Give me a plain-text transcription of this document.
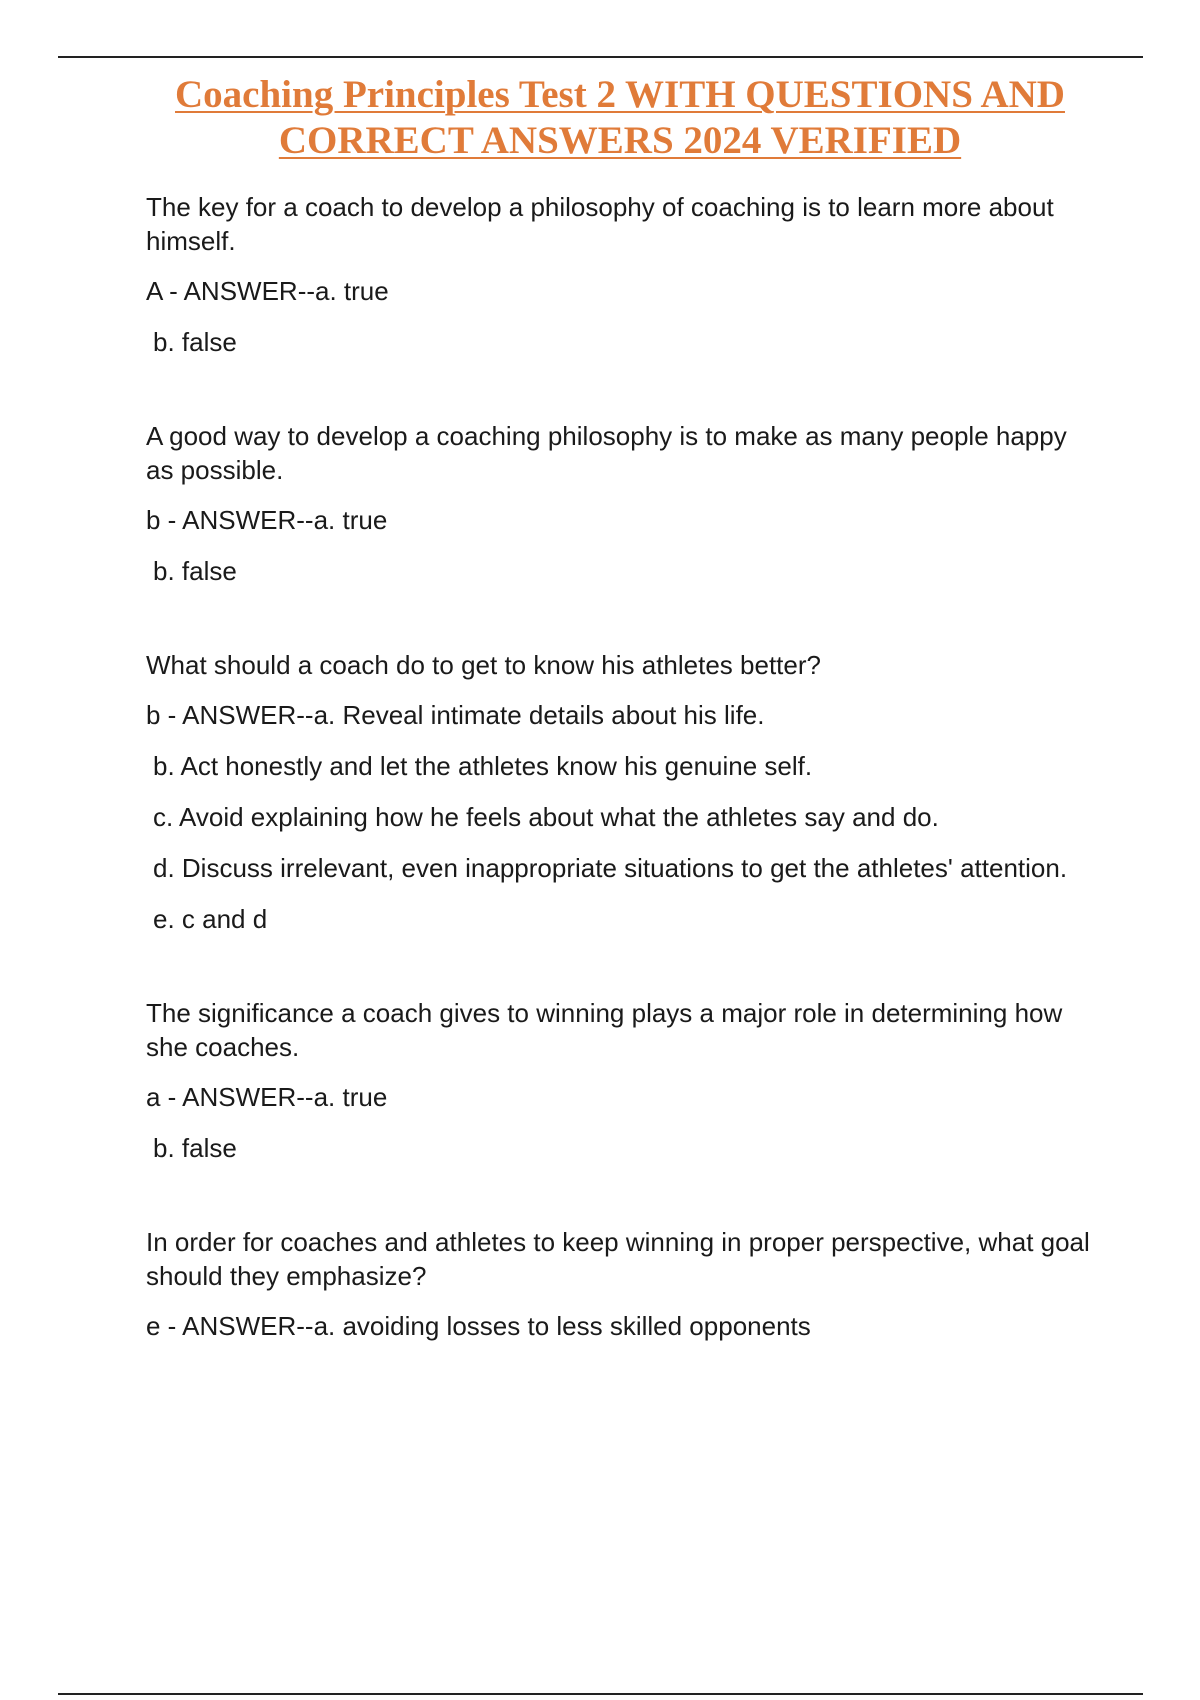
Coaching Principles Test 2 WITH QUESTIONS AND
CORRECT ANSWERS 2024 VERIFIED

The key for a coach to develop a philosophy of coaching is to learn more about himself.

A - ANSWER--a. true

b. false

A good way to develop a coaching philosophy is to make as many people happy as possible.

b - ANSWER--a. true

b. false

What should a coach do to get to know his athletes better?

b - ANSWER--a. Reveal intimate details about his life.

b. Act honestly and let the athletes know his genuine self.

c. Avoid explaining how he feels about what the athletes say and do.

d. Discuss irrelevant, even inappropriate situations to get the athletes' attention.

e. c and d

The significance a coach gives to winning plays a major role in determining how she coaches.

a - ANSWER--a. true

b. false

In order for coaches and athletes to keep winning in proper perspective, what goal should they emphasize?

e - ANSWER--a. avoiding losses to less skilled opponents
